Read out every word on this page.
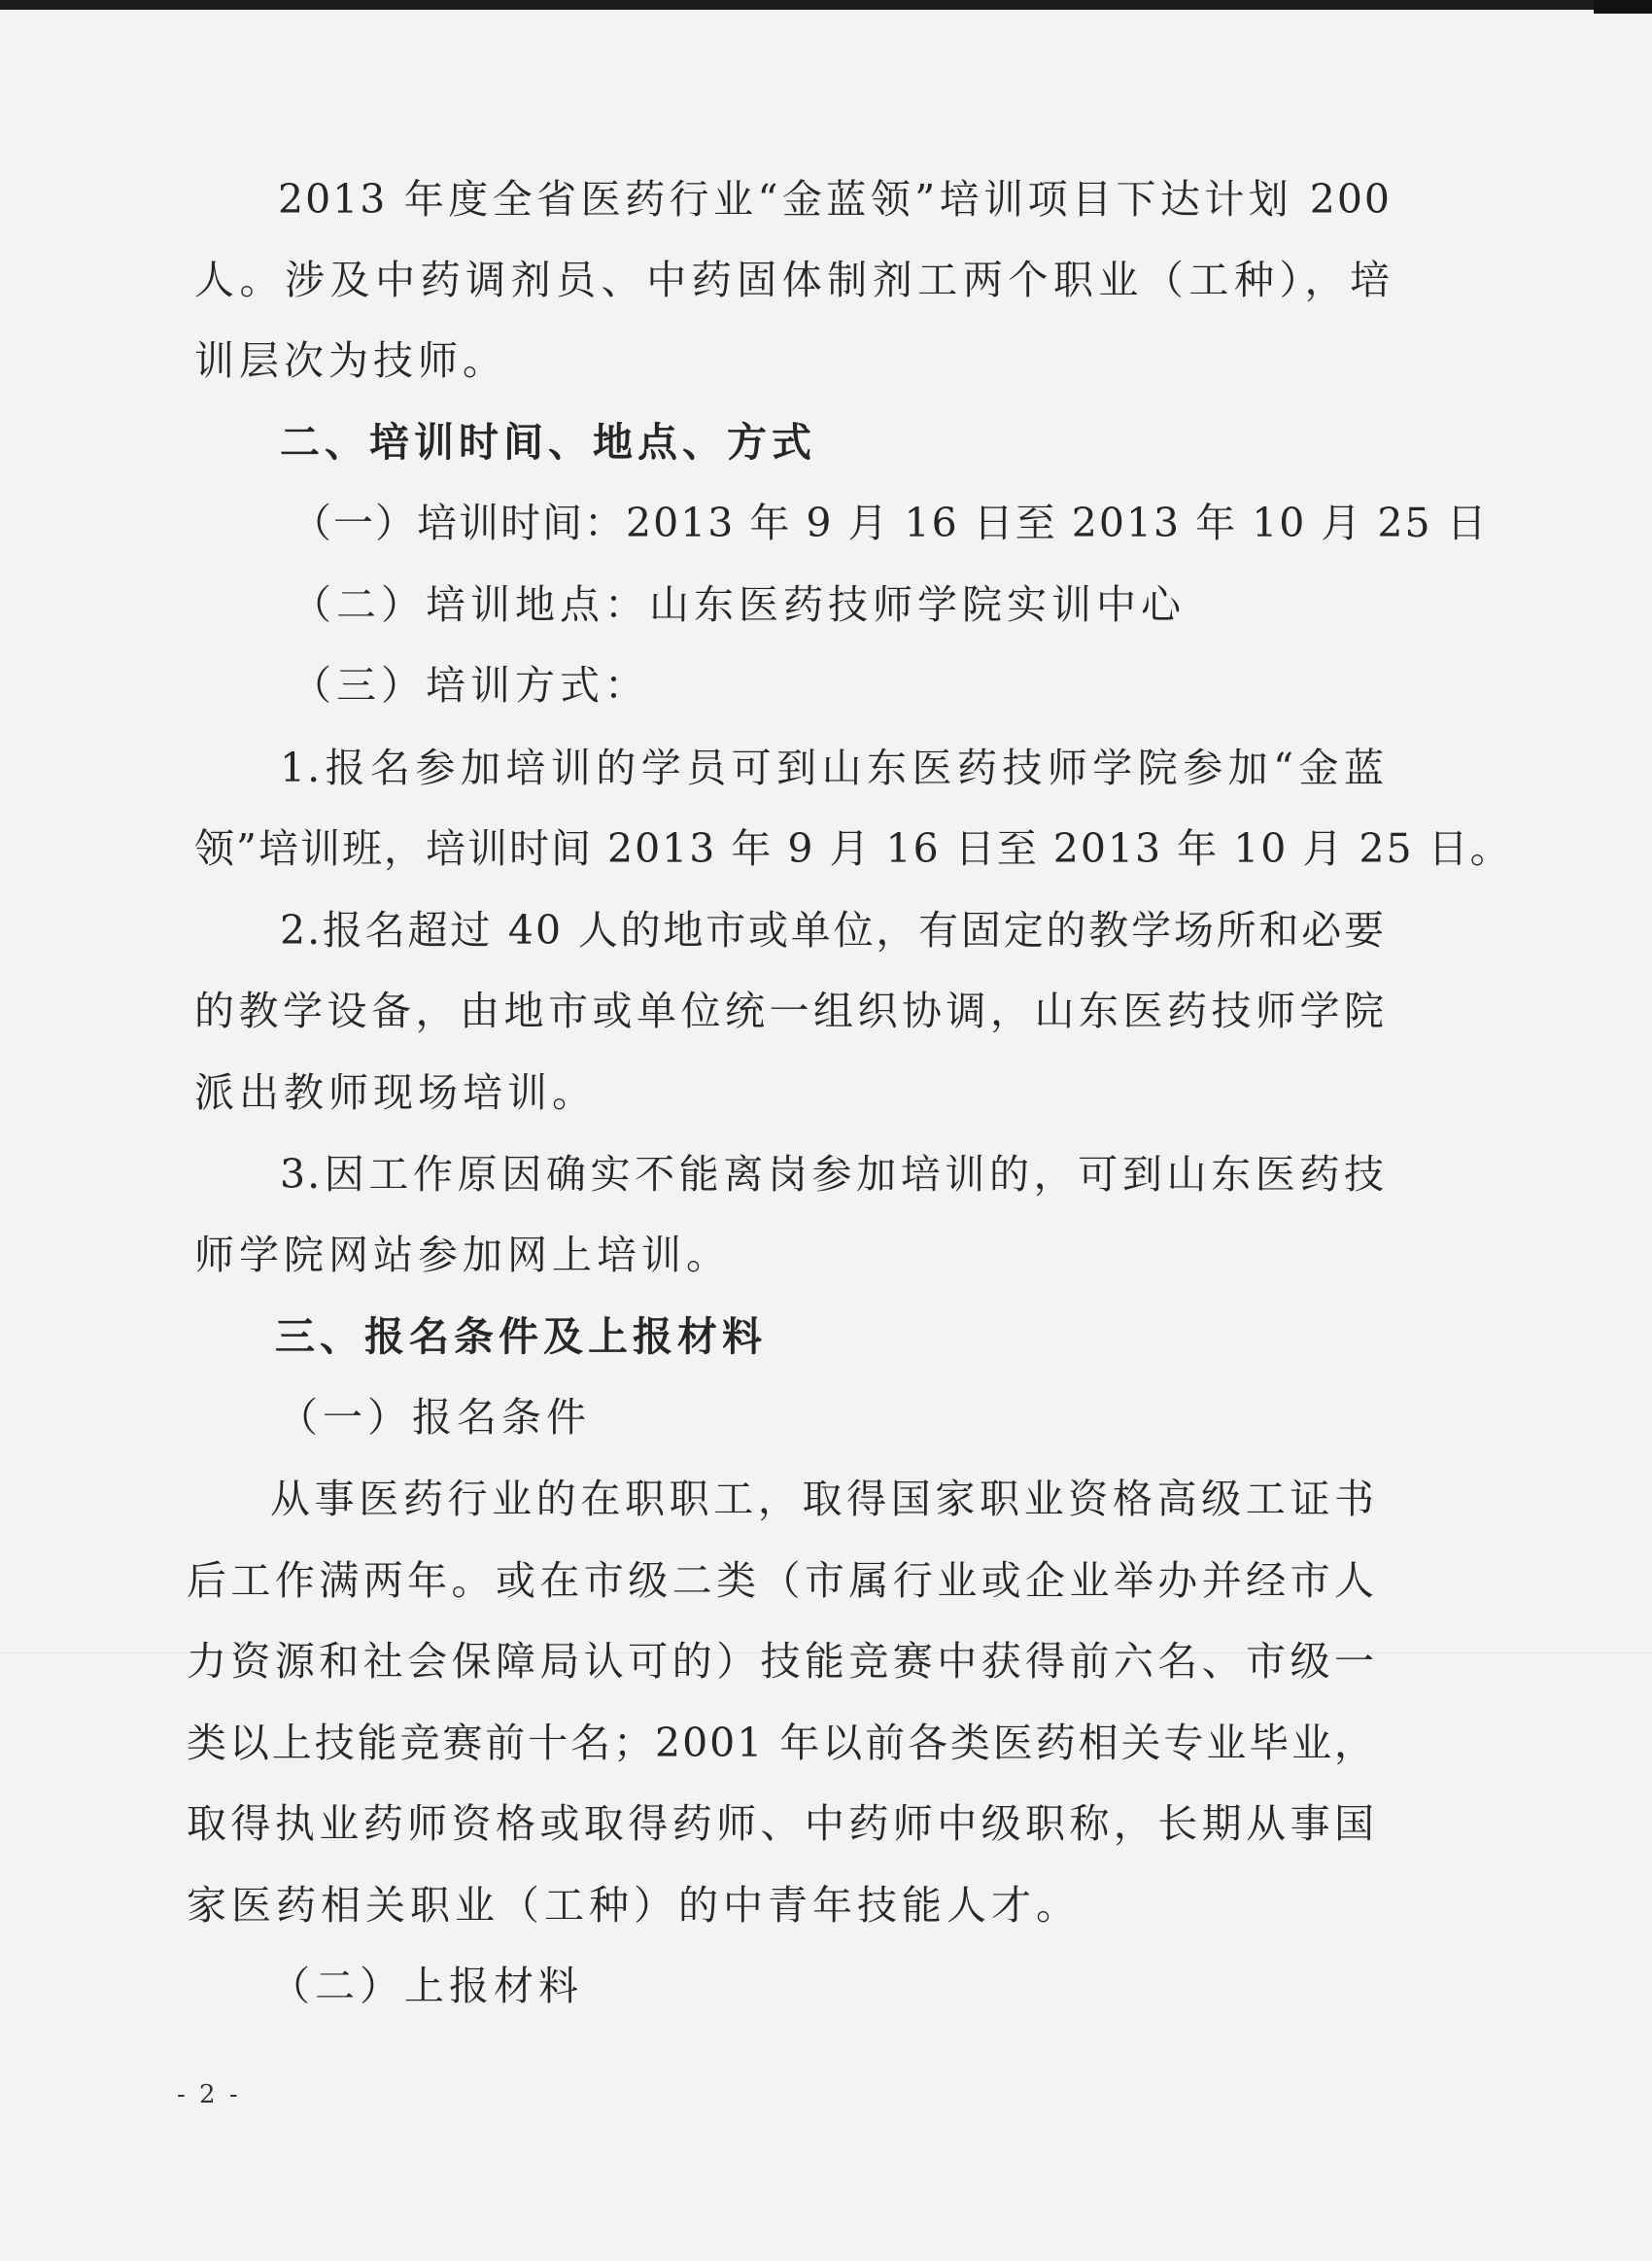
2013 年度全省医药行业“金蓝领”培训项目下达计划 200
人。涉及中药调剂员、中药固体制剂工两个职业（工种），培
训层次为技师。
二、培训时间、地点、方式
（一）培训时间：2013 年 9 月 16 日至 2013 年 10 月 25 日
（二）培训地点：山东医药技师学院实训中心
（三）培训方式：
1.报名参加培训的学员可到山东医药技师学院参加“金蓝
领”培训班，培训时间 2013 年 9 月 16 日至 2013 年 10 月 25 日。
2.报名超过 40 人的地市或单位，有固定的教学场所和必要
的教学设备，由地市或单位统一组织协调，山东医药技师学院
派出教师现场培训。
3.因工作原因确实不能离岗参加培训的，可到山东医药技
师学院网站参加网上培训。
三、报名条件及上报材料
（一）报名条件
从事医药行业的在职职工，取得国家职业资格高级工证书
后工作满两年。或在市级二类（市属行业或企业举办并经市人
力资源和社会保障局认可的）技能竞赛中获得前六名、市级一
类以上技能竞赛前十名；2001 年以前各类医药相关专业毕业，
取得执业药师资格或取得药师、中药师中级职称，长期从事国
家医药相关职业（工种）的中青年技能人才。
（二）上报材料
- 2 -
